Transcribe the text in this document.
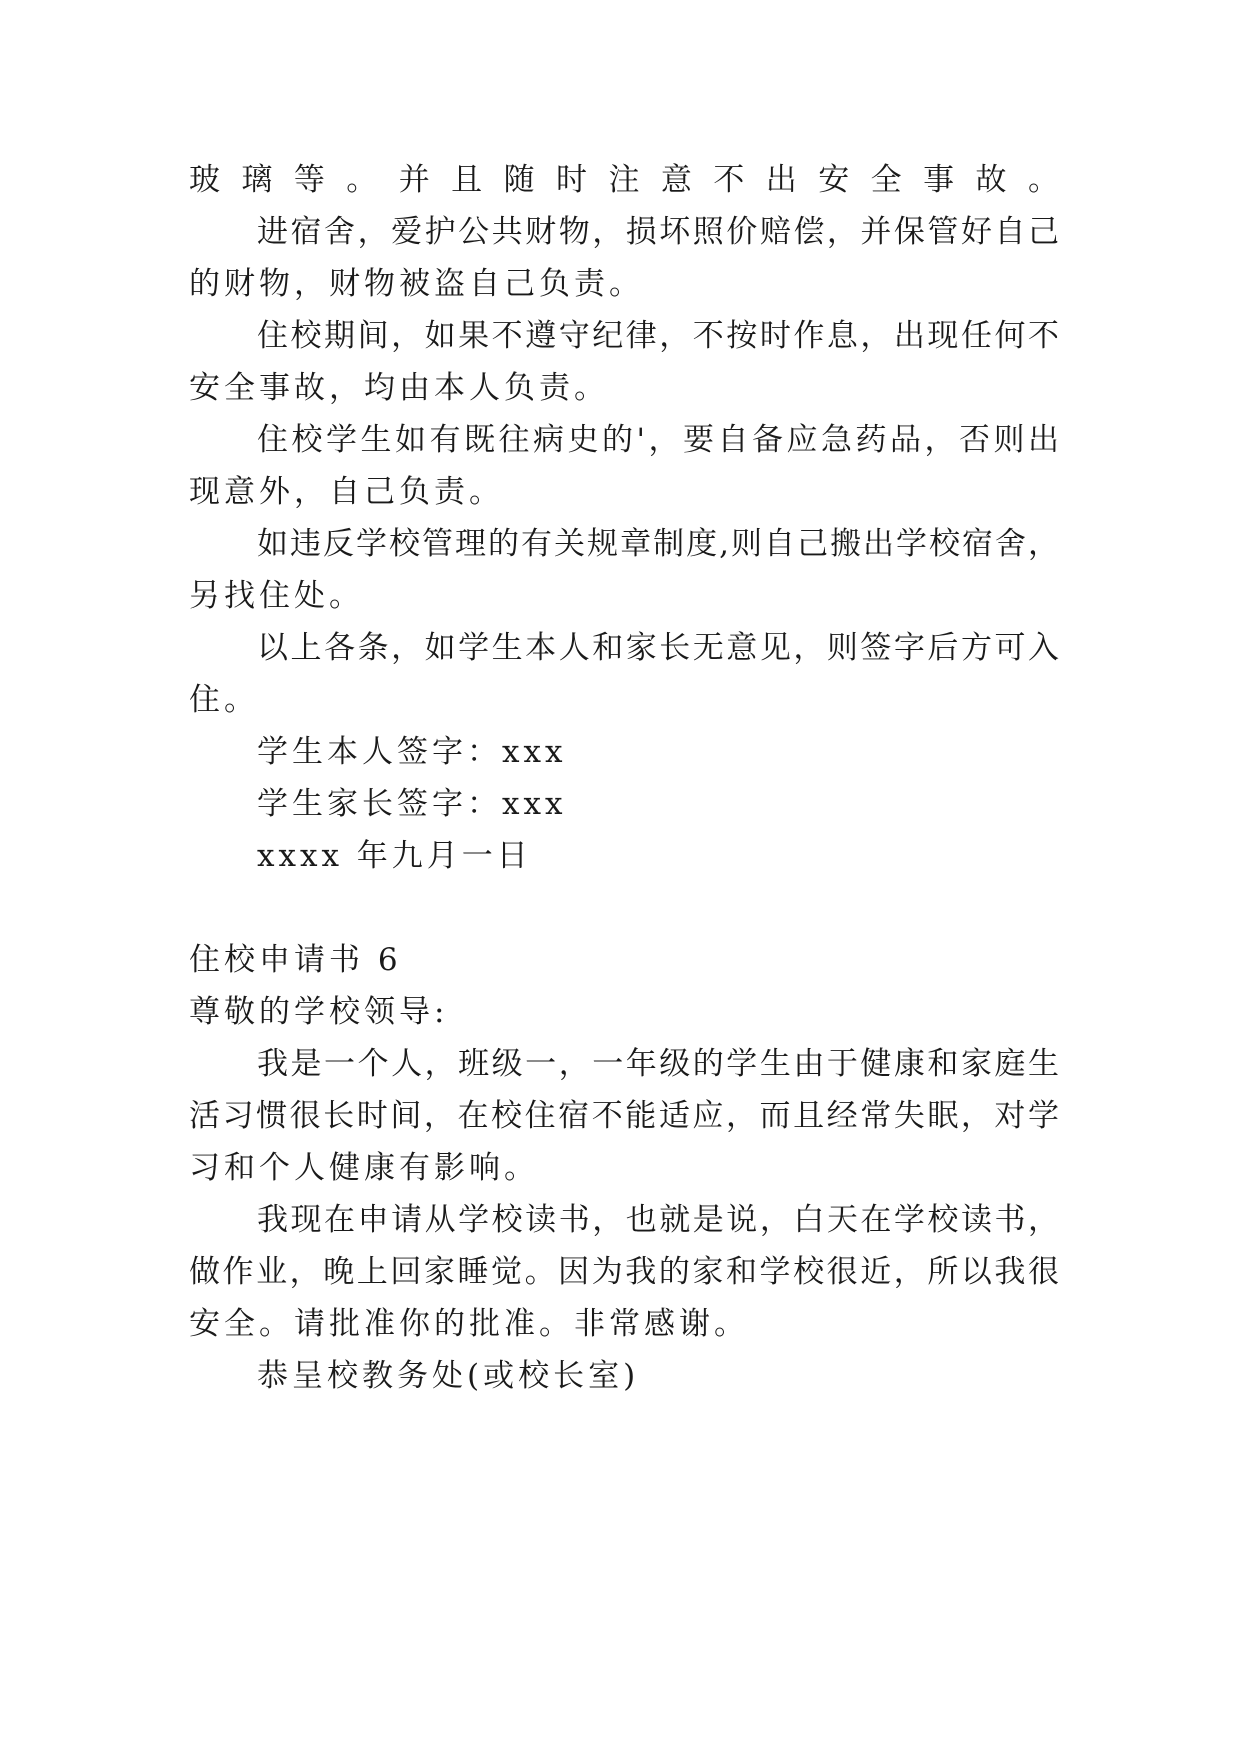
玻璃等。并且随时注意不出安全事故。
进宿舍，爱护公共财物，损坏照价赔偿，并保管好自己
的财物，财物被盗自己负责。
住校期间，如果不遵守纪律，不按时作息，出现任何不
安全事故，均由本人负责。
住校学生如有既往病史的'，要自备应急药品，否则出
现意外，自己负责。
如违反学校管理的有关规章制度,则自己搬出学校宿舍，
另找住处。
以上各条，如学生本人和家长无意见，则签字后方可入
住。
学生本人签字：xxx
学生家长签字：xxx
xxxx 年九月一日
住校申请书 6
尊敬的学校领导:
我是一个人，班级一，一年级的学生由于健康和家庭生
活习惯很长时间，在校住宿不能适应，而且经常失眠，对学
习和个人健康有影响。
我现在申请从学校读书，也就是说，白天在学校读书，
做作业，晚上回家睡觉。因为我的家和学校很近，所以我很
安全。请批准你的批准。非常感谢。
恭呈校教务处(或校长室)
